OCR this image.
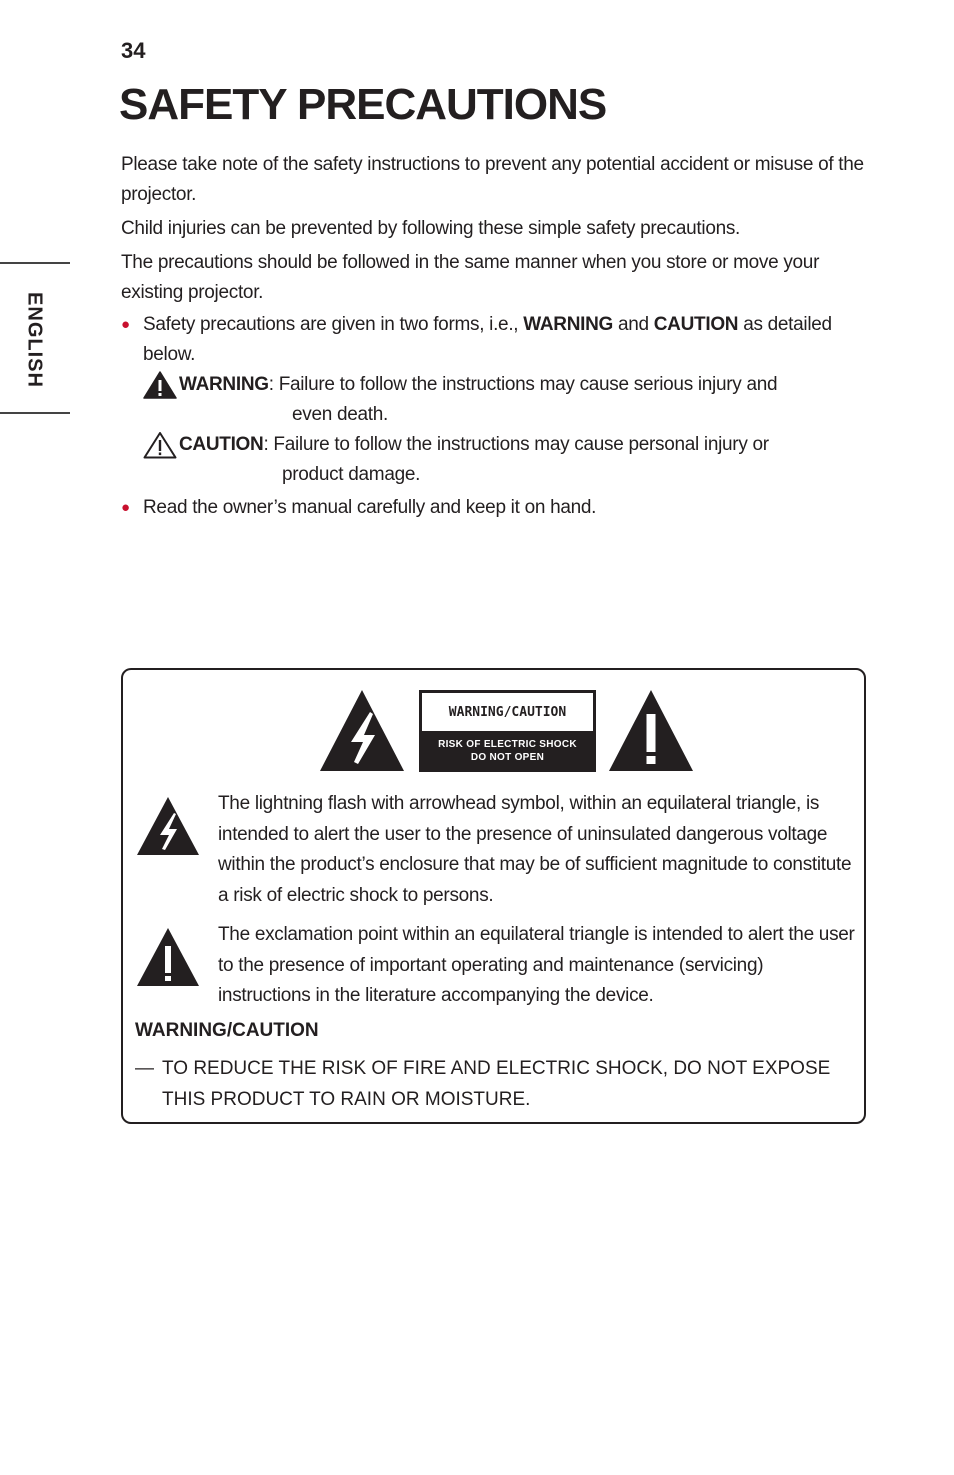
ENGLISH
34
SAFETY PRECAUTIONS

Please take note of the safety instructions to prevent any potential accident or misuse of the projector.

Child injuries can be prevented by following these simple safety precautions.

The precautions should be followed in the same manner when you store or move your existing projector.

● Safety precautions are given in two forms, i.e., WARNING and CAUTION as detailed below.
WARNING: Failure to follow the instructions may cause serious injury and
even death.
CAUTION: Failure to follow the instructions may cause personal injury or
product damage.
● Read the owner’s manual carefully and keep it on hand.
WARNING/CAUTION
RISK OF ELECTRIC SHOCK
DO NOT OPEN
The lightning flash with arrowhead symbol, within an equilateral triangle, is intended to alert the user to the presence of uninsulated dangerous voltage within the product’s enclosure that may be of sufficient magnitude to constitute a risk of electric shock to persons.
The exclamation point within an equilateral triangle is intended to alert the user to the presence of important operating and maintenance (servicing) instructions in the literature accompanying the device.
WARNING/CAUTION
— TO REDUCE THE RISK OF FIRE AND ELECTRIC SHOCK, DO NOT EXPOSE THIS PRODUCT TO RAIN OR MOISTURE.
